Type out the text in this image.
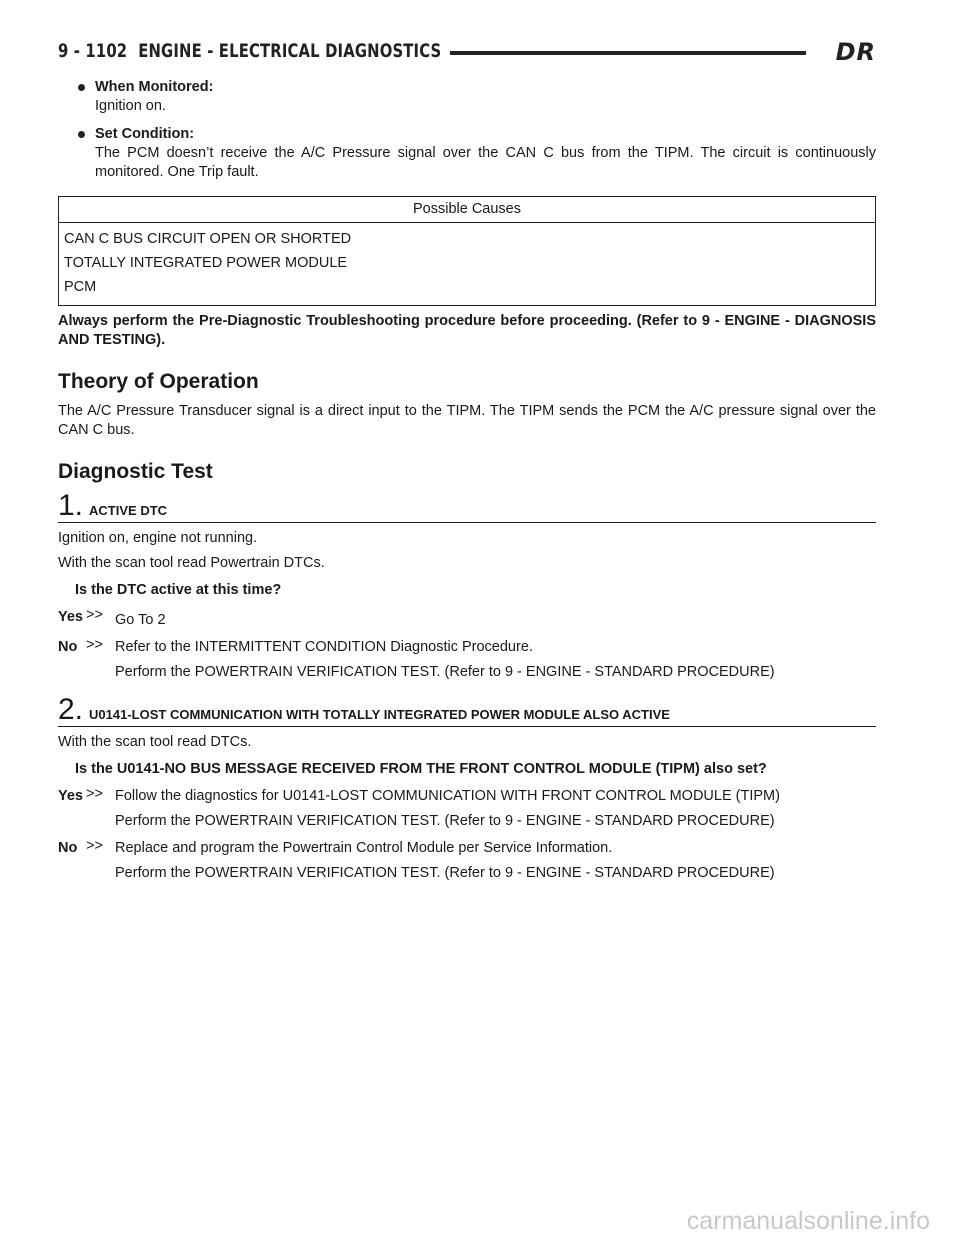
9 - 1102 ENGINE - ELECTRICAL DIAGNOSTICS	DR
When Monitored:
Ignition on.
Set Condition:
The PCM doesn’t receive the A/C Pressure signal over the CAN C bus from the TIPM. The circuit is continuously monitored. One Trip fault.
Possible Causes
CAN C BUS CIRCUIT OPEN OR SHORTED
TOTALLY INTEGRATED POWER MODULE
PCM
Always perform the Pre-Diagnostic Troubleshooting procedure before proceeding. (Refer to 9 - ENGINE - DIAGNOSIS AND TESTING).
Theory of Operation
The A/C Pressure Transducer signal is a direct input to the TIPM. The TIPM sends the PCM the A/C pressure signal over the CAN C bus.
Diagnostic Test
1. ACTIVE DTC
Ignition on, engine not running.
With the scan tool read Powertrain DTCs.
Is the DTC active at this time?
Yes >> Go To 2
No >> Refer to the INTERMITTENT CONDITION Diagnostic Procedure.
Perform the POWERTRAIN VERIFICATION TEST. (Refer to 9 - ENGINE - STANDARD PROCEDURE)
2. U0141-LOST COMMUNICATION WITH TOTALLY INTEGRATED POWER MODULE ALSO ACTIVE
With the scan tool read DTCs.
Is the U0141-NO BUS MESSAGE RECEIVED FROM THE FRONT CONTROL MODULE (TIPM) also set?
Yes >> Follow the diagnostics for U0141-LOST COMMUNICATION WITH FRONT CONTROL MODULE (TIPM)
Perform the POWERTRAIN VERIFICATION TEST. (Refer to 9 - ENGINE - STANDARD PROCEDURE)
No >> Replace and program the Powertrain Control Module per Service Information.
Perform the POWERTRAIN VERIFICATION TEST. (Refer to 9 - ENGINE - STANDARD PROCEDURE)
carmanualsonline.info
